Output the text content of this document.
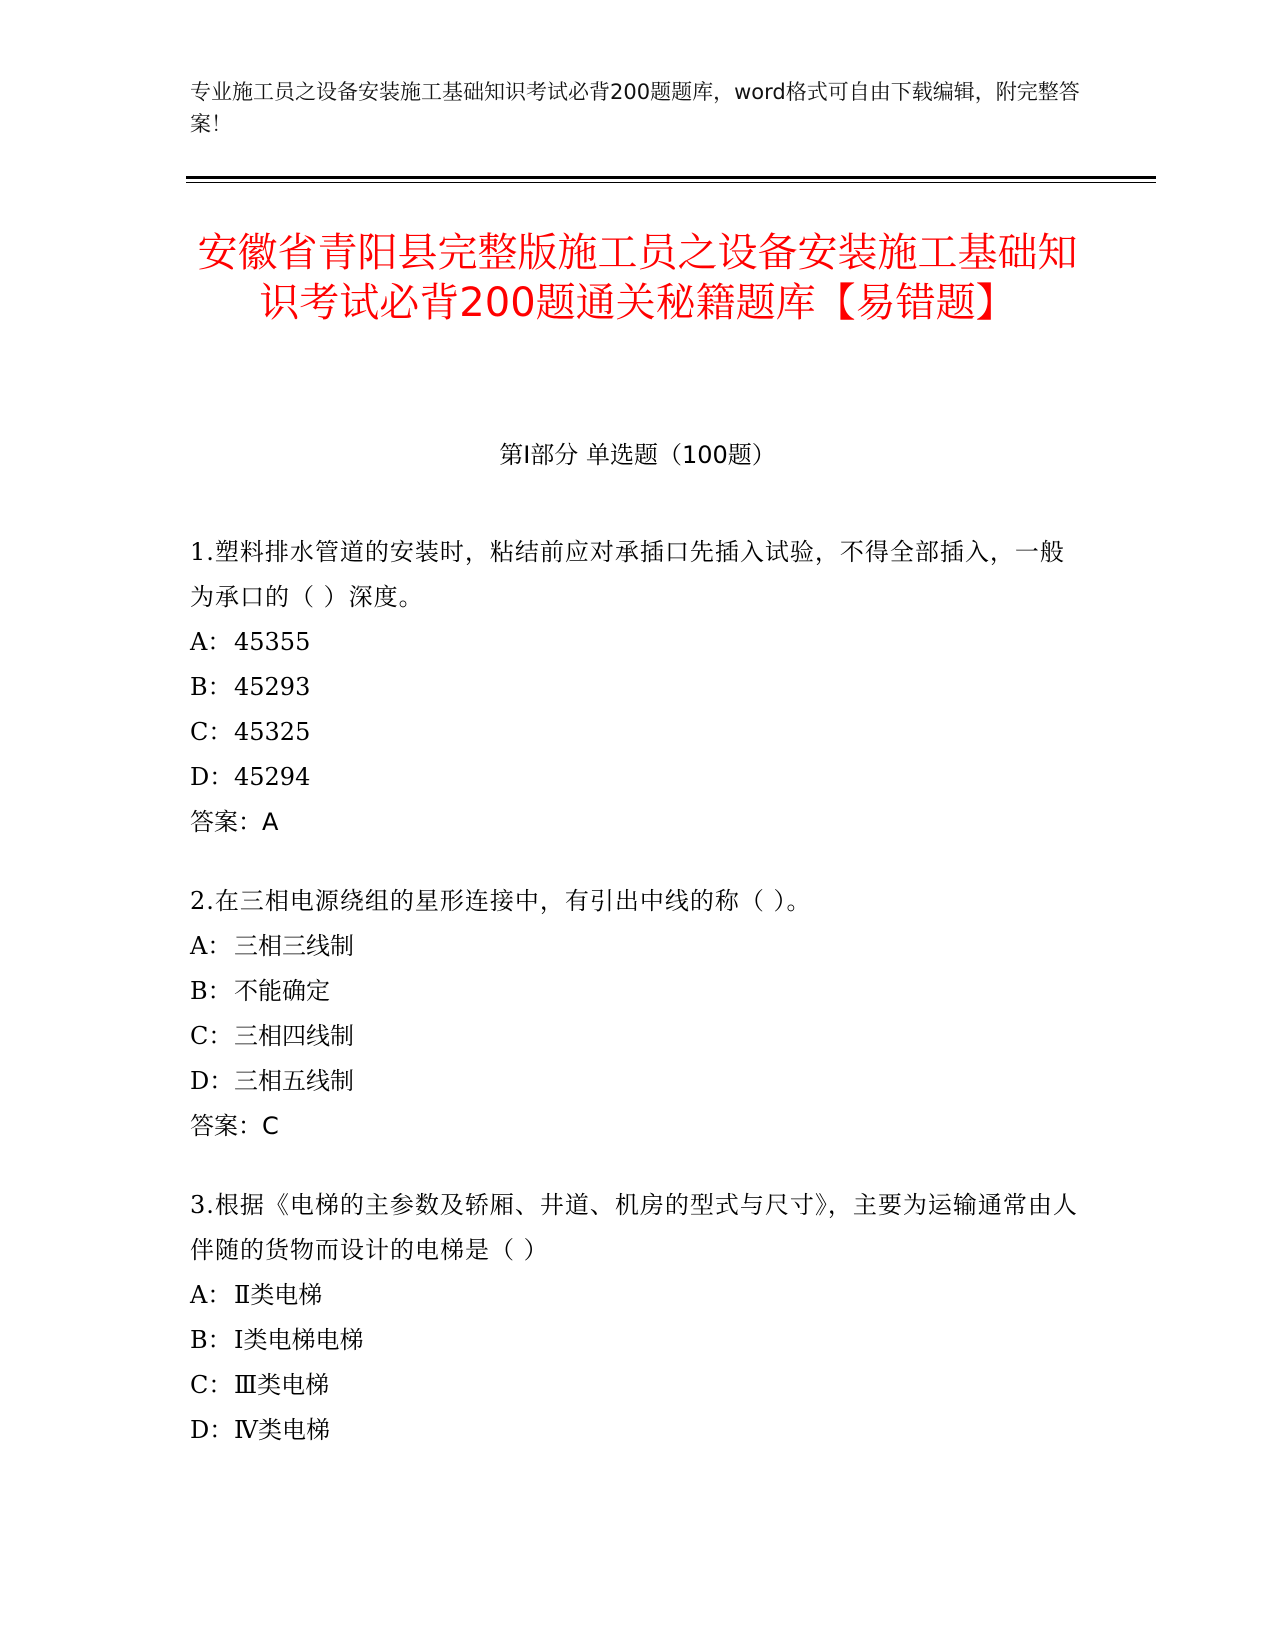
专业施工员之设备安装施工基础知识考试必背200题题库，word格式可自由下载编辑，附完整答案！
安徽省青阳县完整版施工员之设备安装施工基础知识考试必背200题通关秘籍题库【易错题】
第I部分 单选题（100题）

1.塑料排水管道的安装时，粘结前应对承插口先插入试验，不得全部插入，一般为承口的（ ）深度。

A： 45355

B：45293

C：45325

D：45294

答案：A

2.在三相电源绕组的星形连接中，有引出中线的称（ ）。

A： 三相三线制

B：不能确定

C：三相四线制

D：三相五线制

答案：C

3.根据《电梯的主参数及轿厢、井道、机房的型式与尺寸》，主要为运输通常由人伴随的货物而设计的电梯是（ ）

A： Ⅱ类电梯

B：Ⅰ类电梯电梯

C：Ⅲ类电梯

D：Ⅳ类电梯
